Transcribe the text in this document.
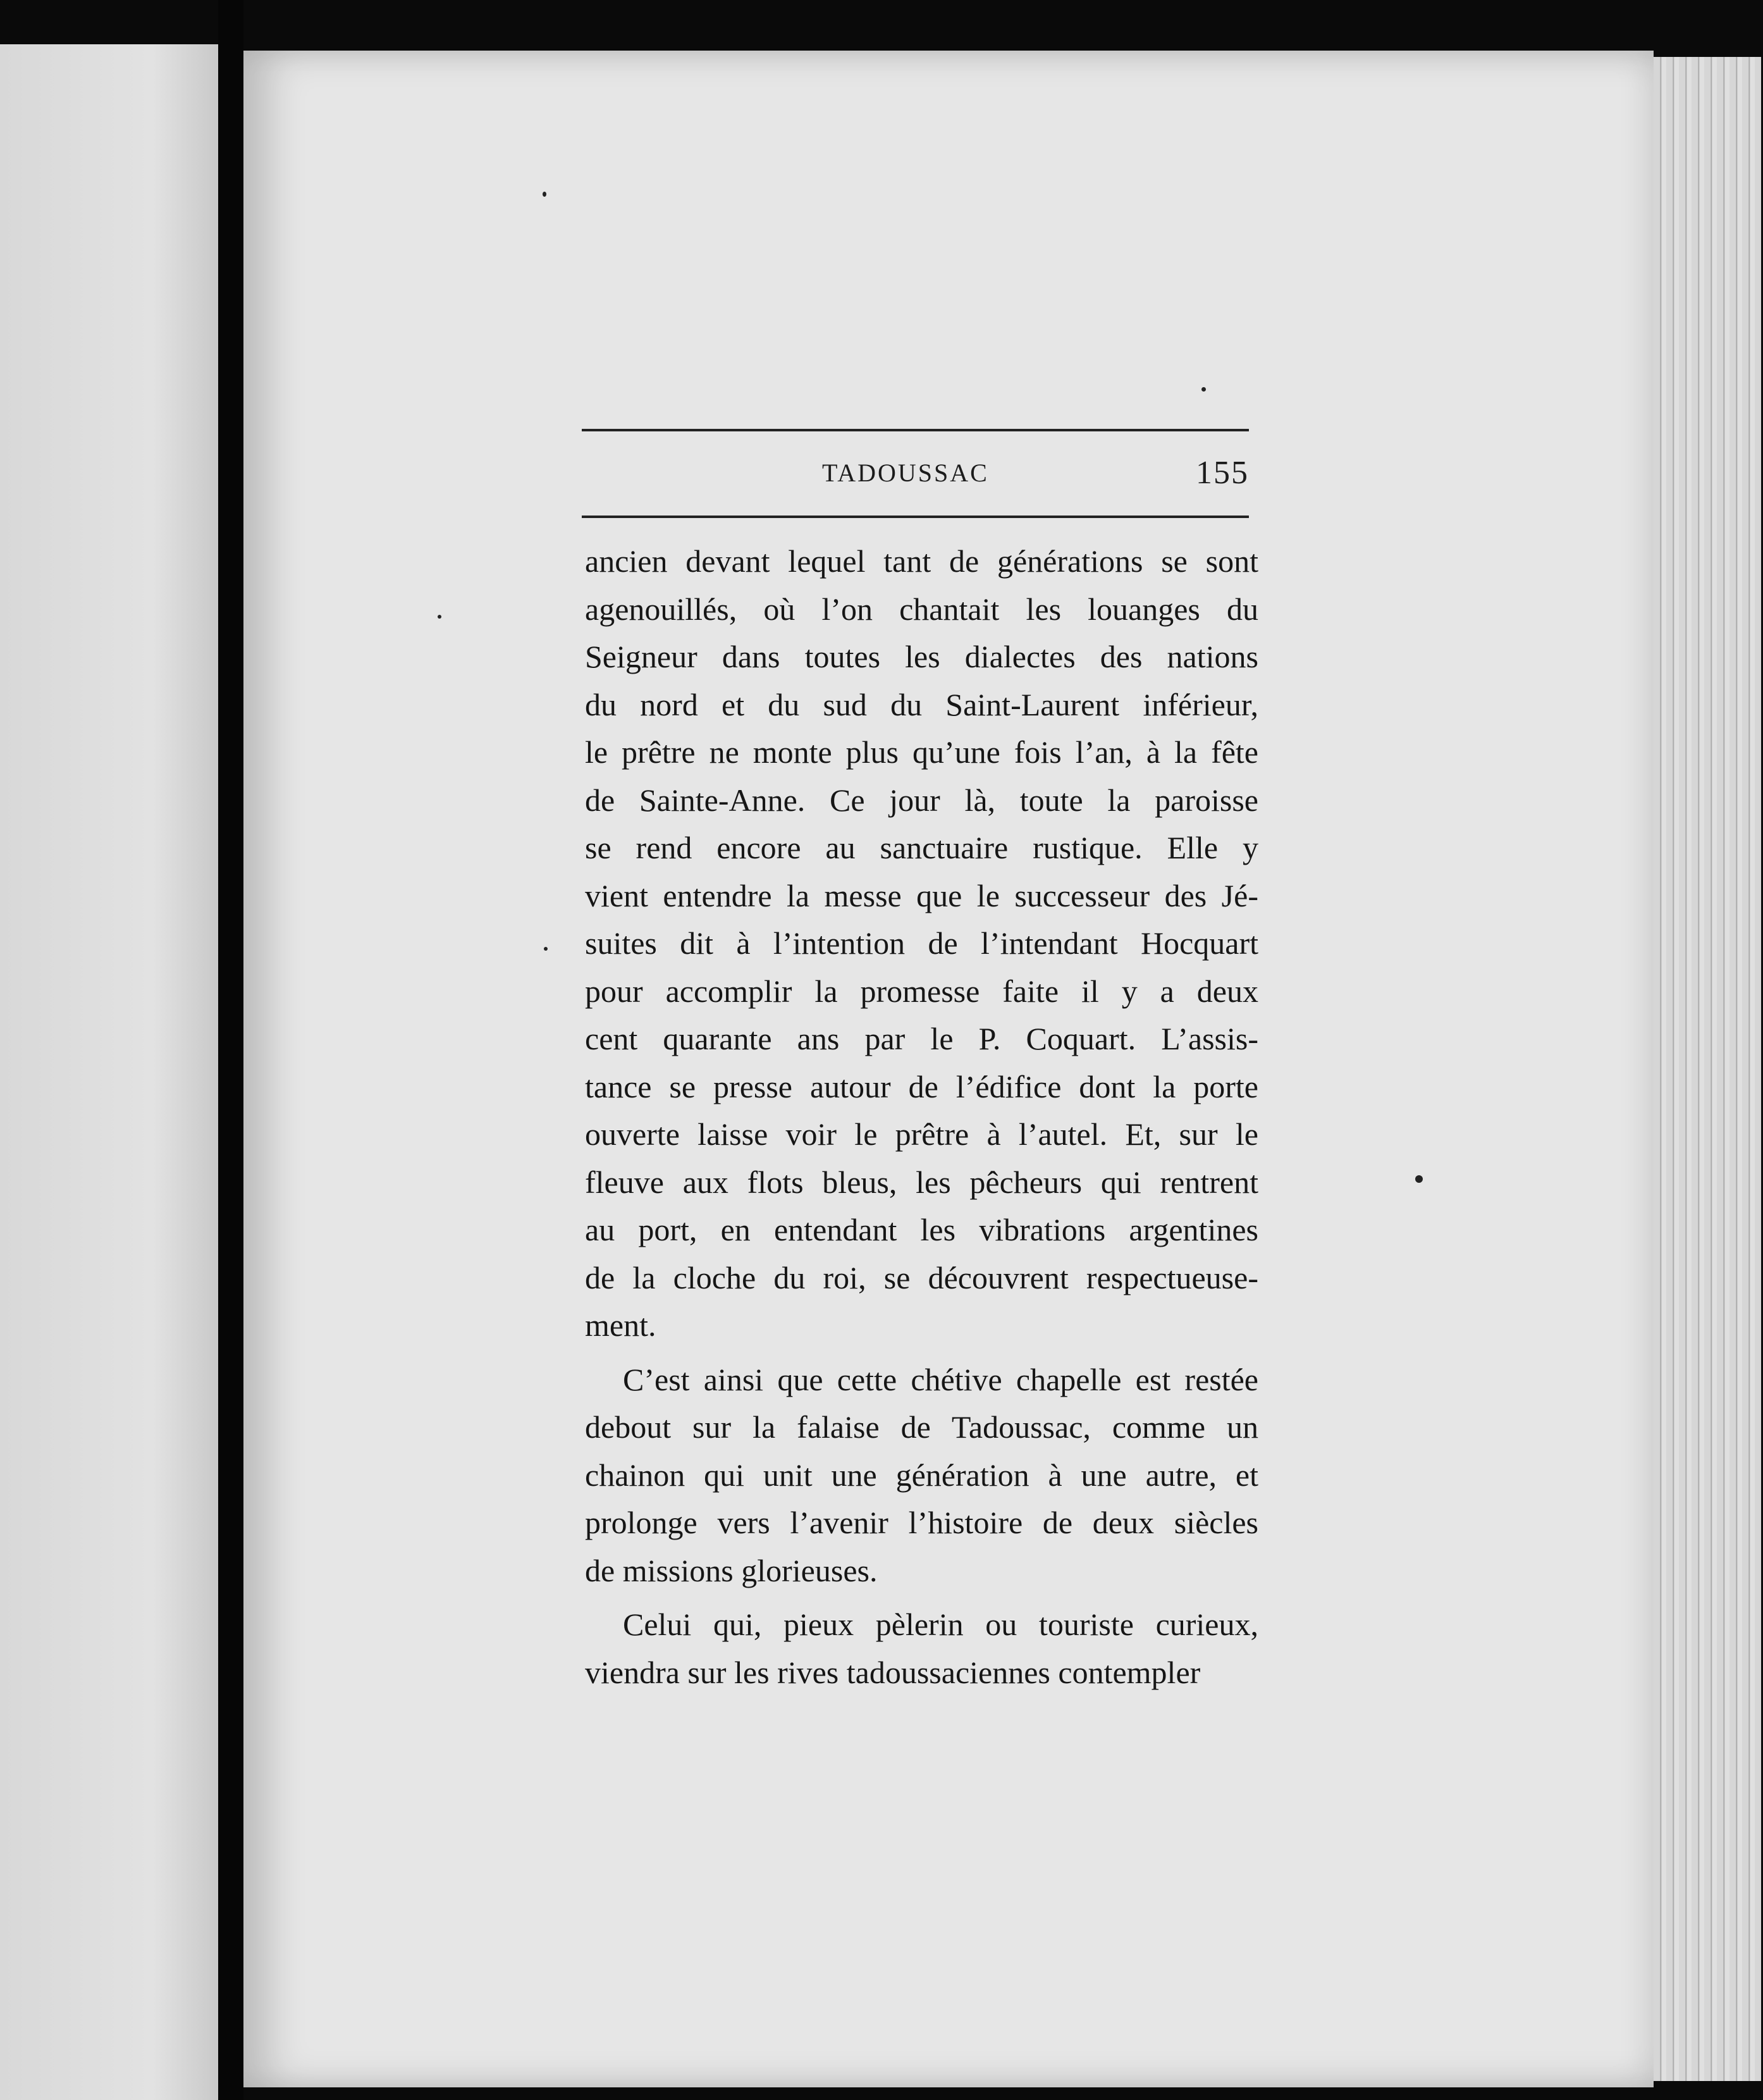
TADOUSSAC	155
ancien devant lequel tant de générations se sont
agenouillés, où l’on chantait les louanges du
Seigneur dans toutes les dialectes des nations
du nord et du sud du Saint-Laurent inférieur,
le prêtre ne monte plus qu’une fois l’an, à la fête
de Sainte-Anne. Ce jour là, toute la paroisse
se rend encore au sanctuaire rustique. Elle y
vient entendre la messe que le successeur des Jé-
suites dit à l’intention de l’intendant Hocquart
pour accomplir la promesse faite il y a deux
cent quarante ans par le P. Coquart. L’assis-
tance se presse autour de l’édifice dont la porte
ouverte laisse voir le prêtre à l’autel. Et, sur le
fleuve aux flots bleus, les pêcheurs qui rentrent
au port, en entendant les vibrations argentines
de la cloche du roi, se découvrent respectueuse-
ment.
C’est ainsi que cette chétive chapelle est restée
debout sur la falaise de Tadoussac, comme un
chainon qui unit une génération à une autre, et
prolonge vers l’avenir l’histoire de deux siècles
de missions glorieuses.
Celui qui, pieux pèlerin ou touriste curieux,
viendra sur les rives tadoussaciennes contempler
